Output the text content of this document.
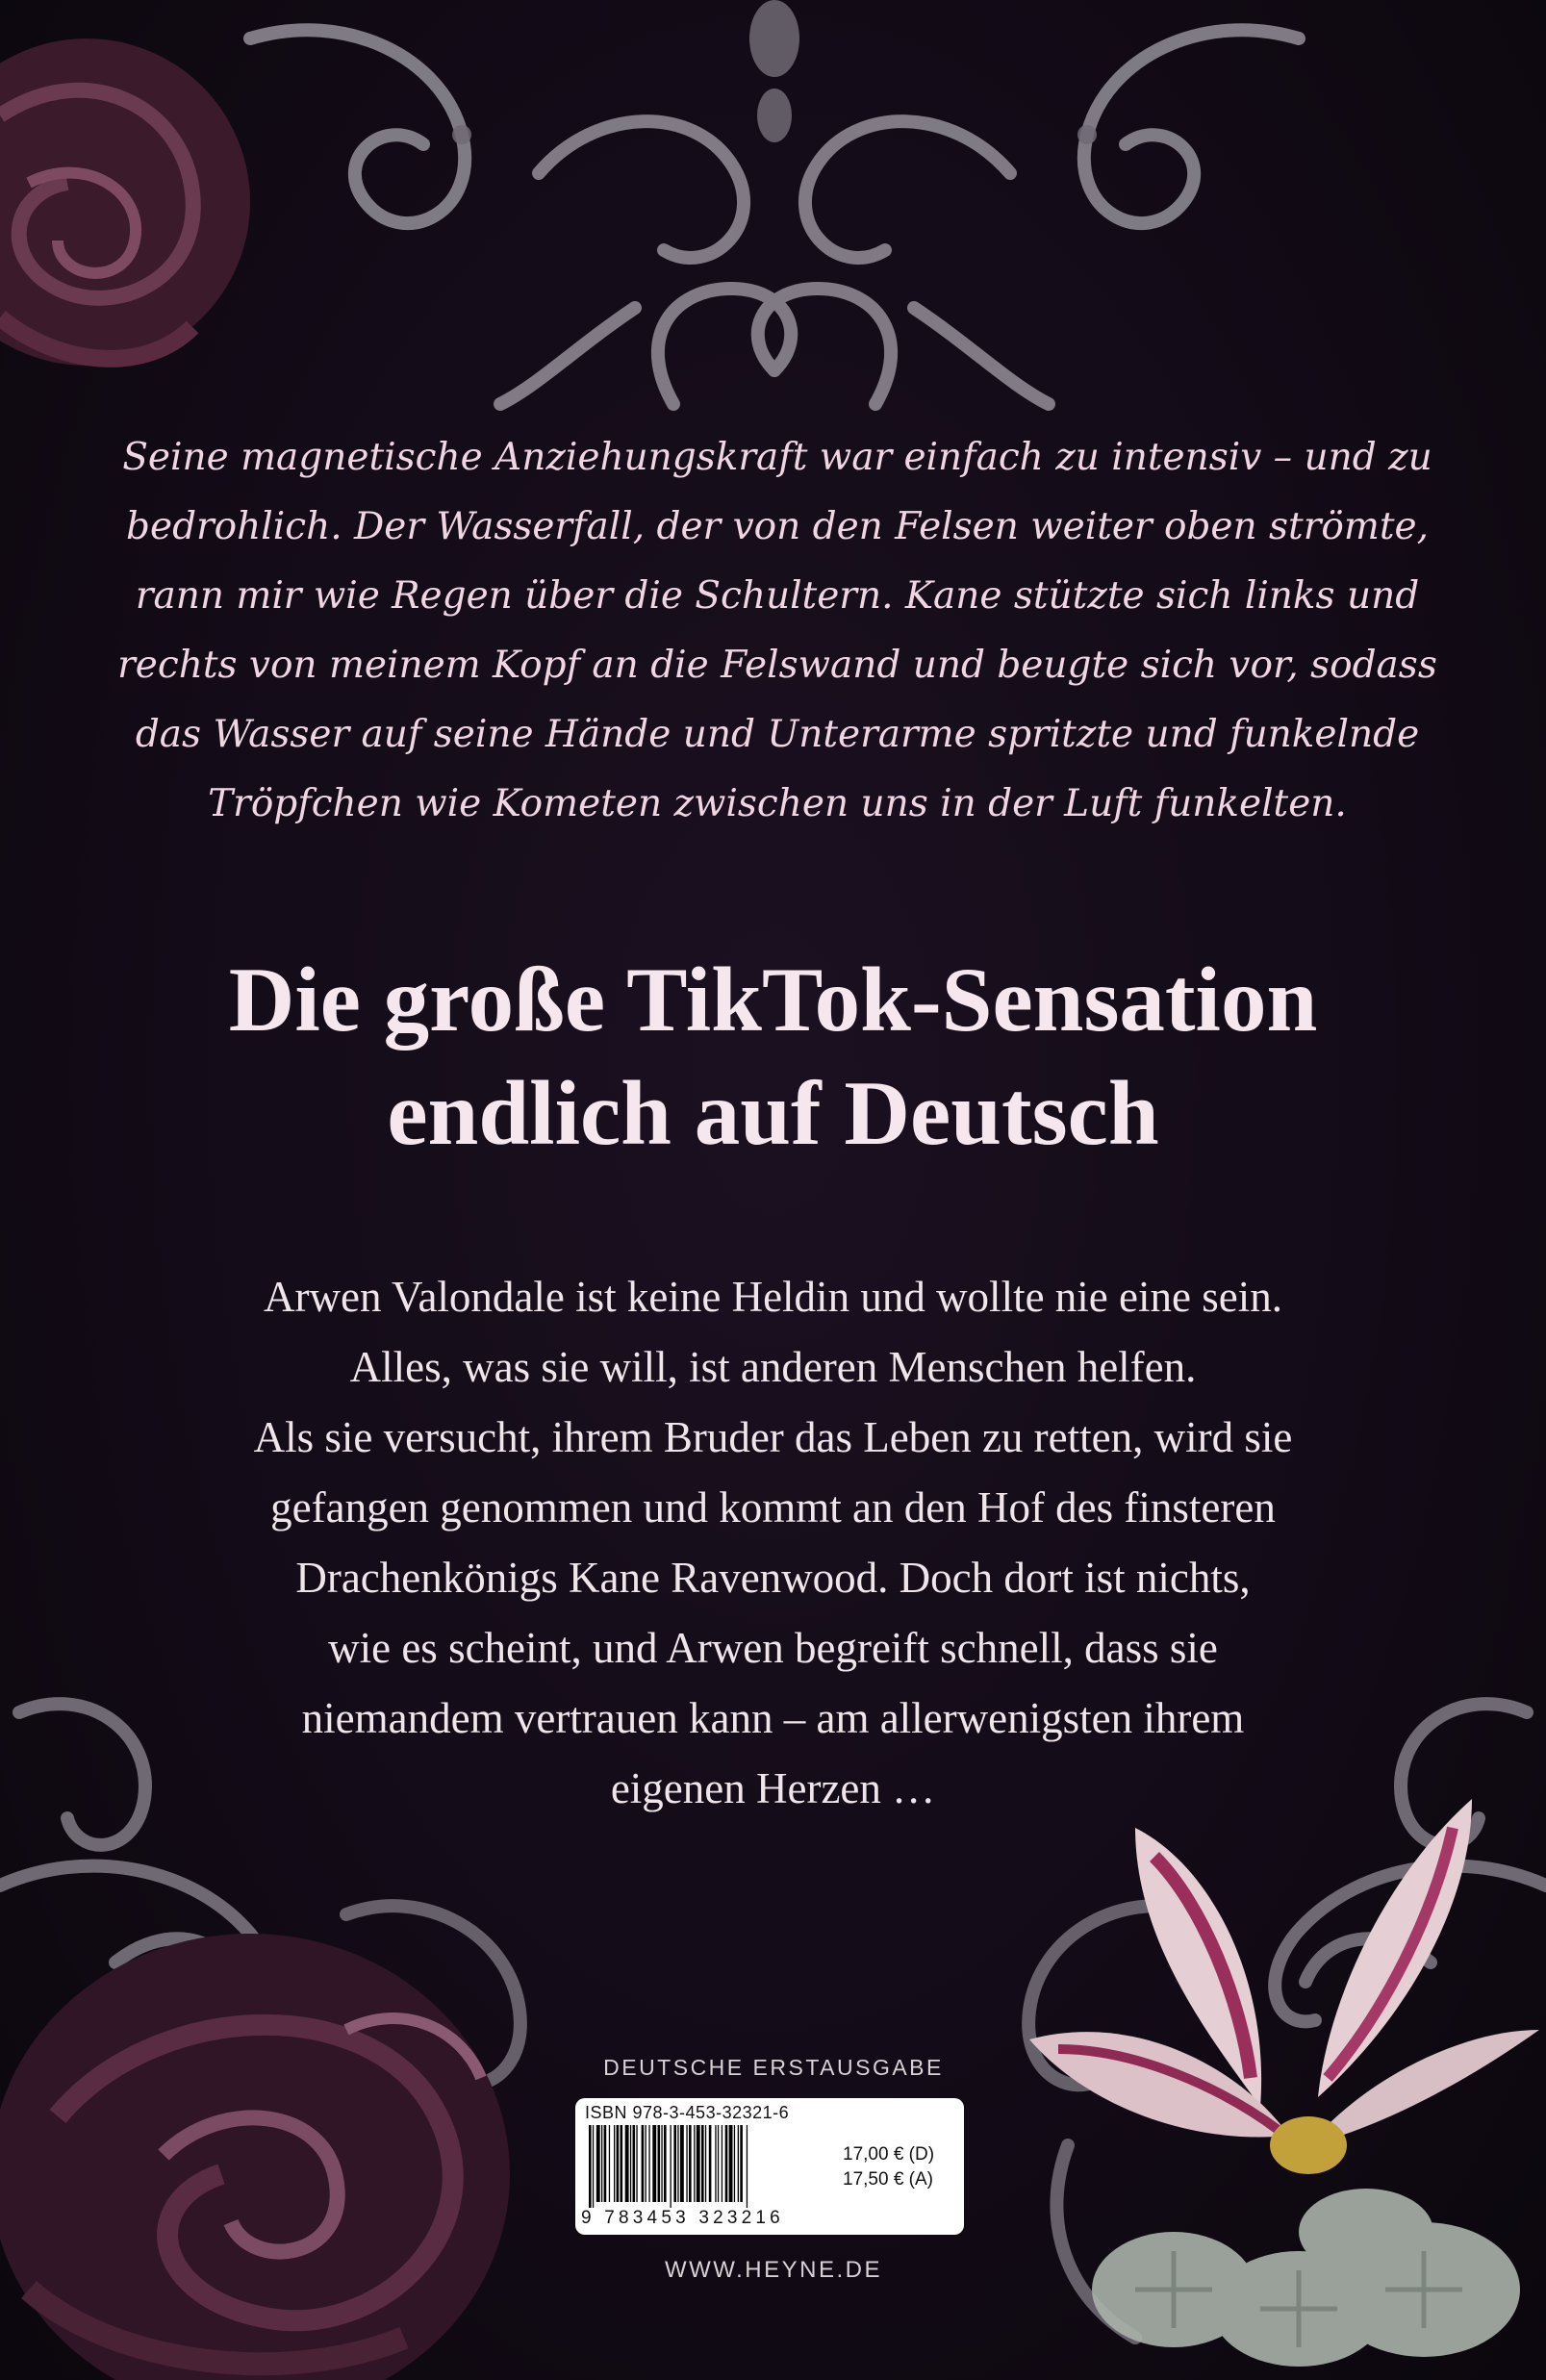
Seine magnetische Anziehungskraft war einfach zu intensiv – und zu
bedrohlich. Der Wasserfall, der von den Felsen weiter oben strömte,
rann mir wie Regen über die Schultern. Kane stützte sich links und
rechts von meinem Kopf an die Felswand und beugte sich vor, sodass
das Wasser auf seine Hände und Unterarme spritzte und funkelnde
Tröpfchen wie Kometen zwischen uns in der Luft funkelten.
Die große TikTok-Sensation
endlich auf Deutsch
Arwen Valondale ist keine Heldin und wollte nie eine sein.
Alles, was sie will, ist anderen Menschen helfen.
Als sie versucht, ihrem Bruder das Leben zu retten, wird sie
gefangen genommen und kommt an den Hof des finsteren
Drachenkönigs Kane Ravenwood. Doch dort ist nichts,
wie es scheint, und Arwen begreift schnell, dass sie
niemandem vertrauen kann – am allerwenigsten ihrem
eigenen Herzen …
DEUTSCHE ERSTAUSGABE
ISBN 978-3-453-32321-6
9 783453 323216
17,00 € (D)
17,50 € (A)
WWW.HEYNE.DE
